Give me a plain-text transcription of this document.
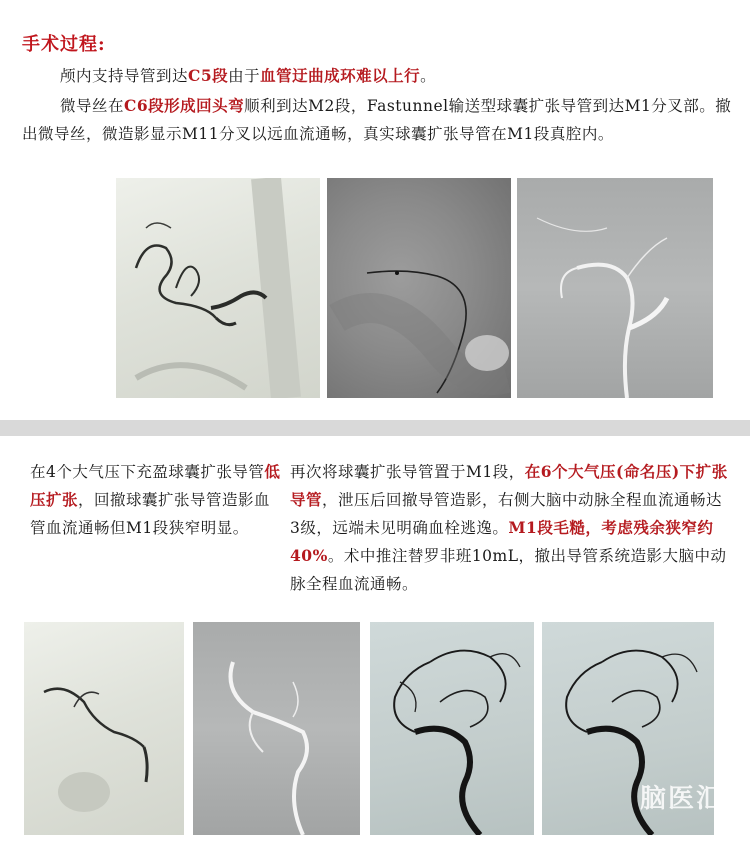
手术过程:

颅内支持导管到达C5段由于血管迂曲成环难以上行。

微导丝在C6段形成回头弯顺利到达M2段，Fastunnel输送型球囊扩张导管到达M1分叉部。撤出微导丝，微造影显示M11分叉以远血流通畅，真实球囊扩张导管在M1段真腔内。

在4个大气压下充盈球囊扩张导管低压扩张，回撤球囊扩张导管造影血管血流通畅但M1段狭窄明显。

再次将球囊扩张导管置于M1段，在6个大气压(命名压)下扩张导管，泄压后回撤导管造影，右侧大脑中动脉全程血流通畅达3级，远端未见明确血栓逃逸。M1段毛糙，考虑残余狭窄约40%。术中推注替罗非班10mL，撤出导管系统造影大脑中动脉全程血流通畅。

脑医汇
